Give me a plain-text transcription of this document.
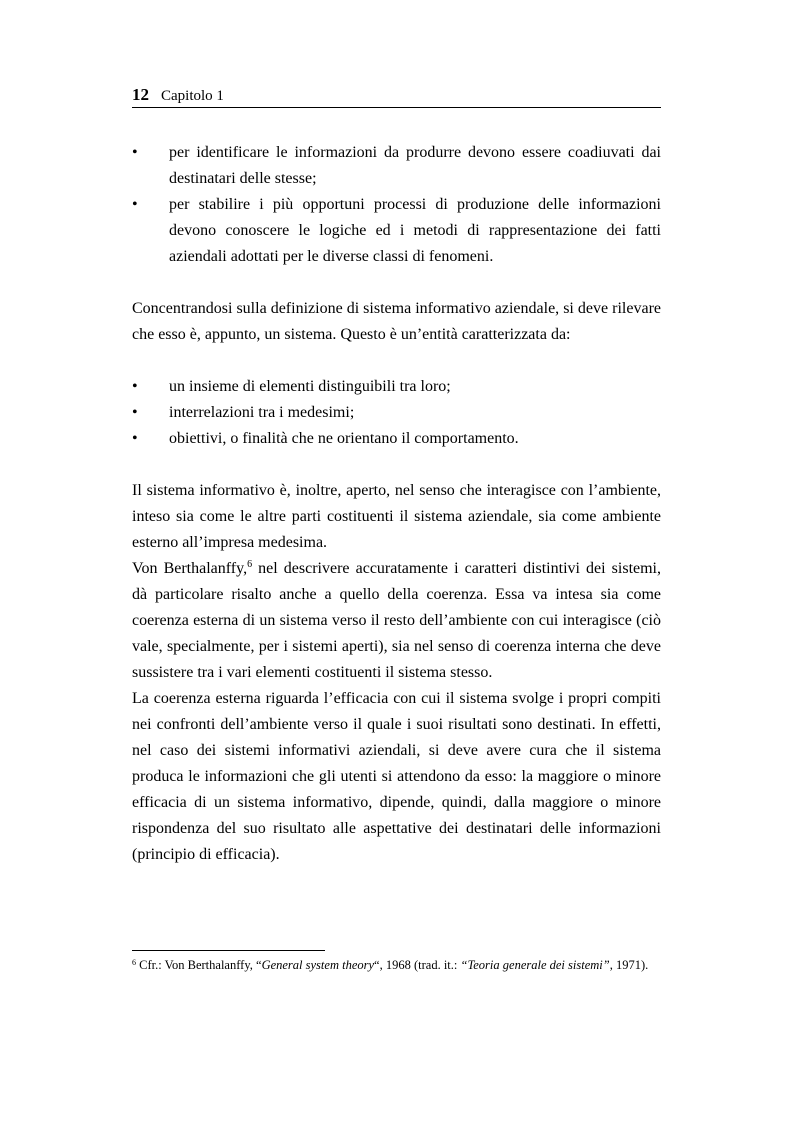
12 Capitolo 1
•	per identificare le informazioni da produrre devono essere coadiuvati dai destinatari delle stesse;
•	per stabilire i più opportuni processi di produzione delle informazioni devono conoscere le logiche ed i metodi di rappresentazione dei fatti aziendali adottati per le diverse classi di fenomeni.

Concentrandosi sulla definizione di sistema informativo aziendale, si deve rilevare che esso è, appunto, un sistema. Questo è un’entità caratterizzata da:

•	un insieme di elementi distinguibili tra loro;
•	interrelazioni tra i medesimi;
•	obiettivi, o finalità che ne orientano il comportamento.

Il sistema informativo è, inoltre, aperto, nel senso che interagisce con l’ambiente, inteso sia come le altre parti costituenti il sistema aziendale, sia come ambiente esterno all’impresa medesima.

Von Berthalanffy,$^6$ nel descrivere accuratamente i caratteri distintivi dei sistemi, dà particolare risalto anche a quello della coerenza. Essa va intesa sia come coerenza esterna di un sistema verso il resto dell’ambiente con cui interagisce (ciò vale, specialmente, per i sistemi aperti), sia nel senso di coerenza interna che deve sussistere tra i vari elementi costituenti il sistema stesso.

La coerenza esterna riguarda l’efficacia con cui il sistema svolge i propri compiti nei confronti dell’ambiente verso il quale i suoi risultati sono destinati. In effetti, nel caso dei sistemi informativi aziendali, si deve avere cura che il sistema produca le informazioni che gli utenti si attendono da esso: la maggiore o minore efficacia di un sistema informativo, dipende, quindi, dalla maggiore o minore rispondenza del suo risultato alle aspettative dei destinatari delle informazioni (principio di efficacia).

$^6$ Cfr.: Von Berthalanffy, “General system theory“, 1968 (trad. it.: “Teoria generale dei sistemi”, 1971).
